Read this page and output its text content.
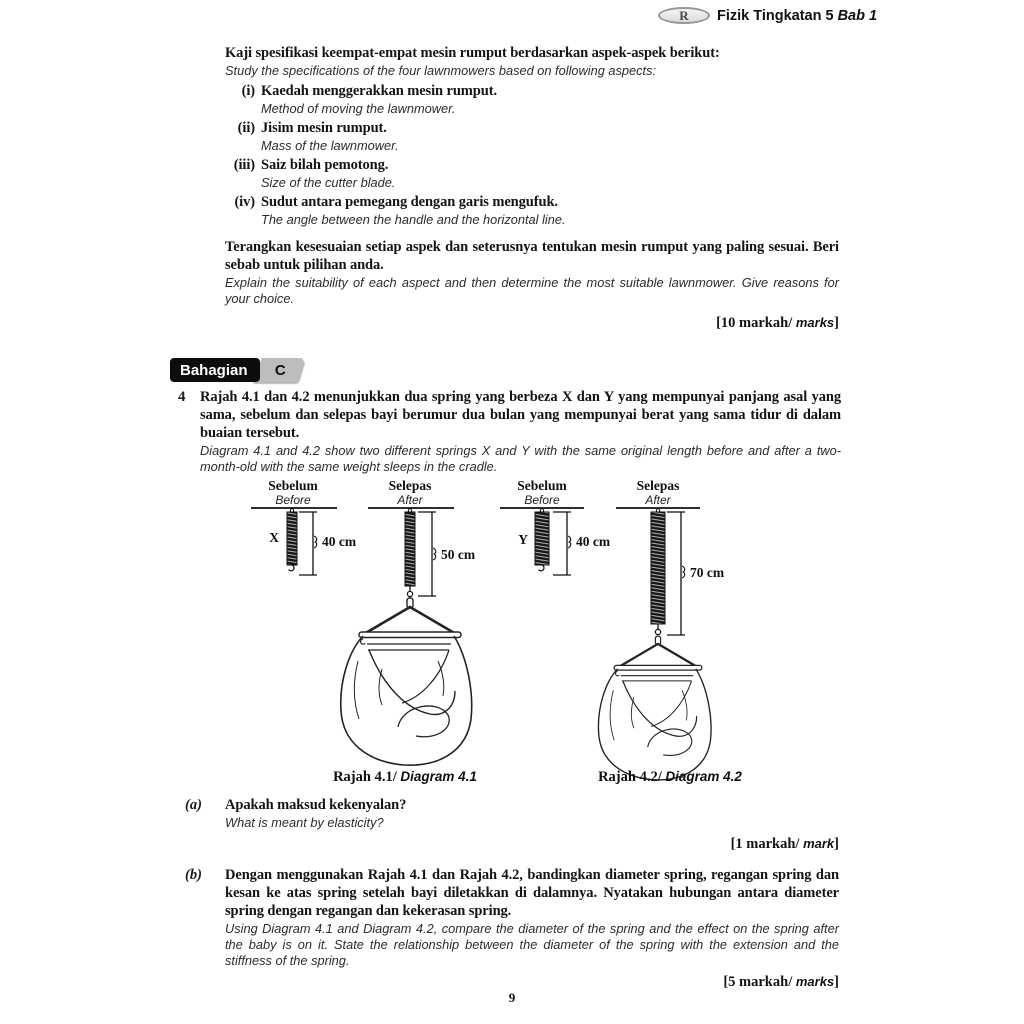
R	Fizik Tingkatan 5 Bab 1
Kaji spesifikasi keempat-empat mesin rumput berdasarkan aspek-aspek berikut:
Study the specifications of the four lawnmowers based on following aspects:
(i) Kaedah menggerakkan mesin rumput.
Method of moving the lawnmower.
(ii) Jisim mesin rumput.
Mass of the lawnmower.
(iii) Saiz bilah pemotong.
Size of the cutter blade.
(iv) Sudut antara pemegang dengan garis mengufuk.
The angle between the handle and the horizontal line.
Terangkan kesesuaian setiap aspek dan seterusnya tentukan mesin rumput yang paling sesuai. Beri sebab untuk pilihan anda.
Explain the suitability of each aspect and then determine the most suitable lawnmower. Give reasons for your choice.
[10 markah/ marks]
Bahagian	C
4 Rajah 4.1 dan 4.2 menunjukkan dua spring yang berbeza X dan Y yang mempunyai panjang asal yang sama, sebelum dan selepas bayi berumur dua bulan yang mempunyai berat yang sama tidur di dalam buaian tersebut.
Diagram 4.1 and 4.2 show two different springs X and Y with the same original length before and after a two-month-old with the same weight sleeps in the cradle.
Sebelum
Before
X	40 cm
Selepas
After
50 cm
Sebelum
Before
Y	40 cm
Selepas
After
70 cm
Rajah 4.1/ Diagram 4.1	Rajah 4.2/ Diagram 4.2
(a)	Apakah maksud kekenyalan?
What is meant by elasticity?
[1 markah/ mark]
(b)	Dengan menggunakan Rajah 4.1 dan Rajah 4.2, bandingkan diameter spring, regangan spring dan kesan ke atas spring setelah bayi diletakkan di dalamnya. Nyatakan hubungan antara diameter spring dengan regangan dan kekerasan spring.
Using Diagram 4.1 and Diagram 4.2, compare the diameter of the spring and the effect on the spring after the baby is on it. State the relationship between the diameter of the spring with the extension and the stiffness of the spring.
[5 markah/ marks]
9
